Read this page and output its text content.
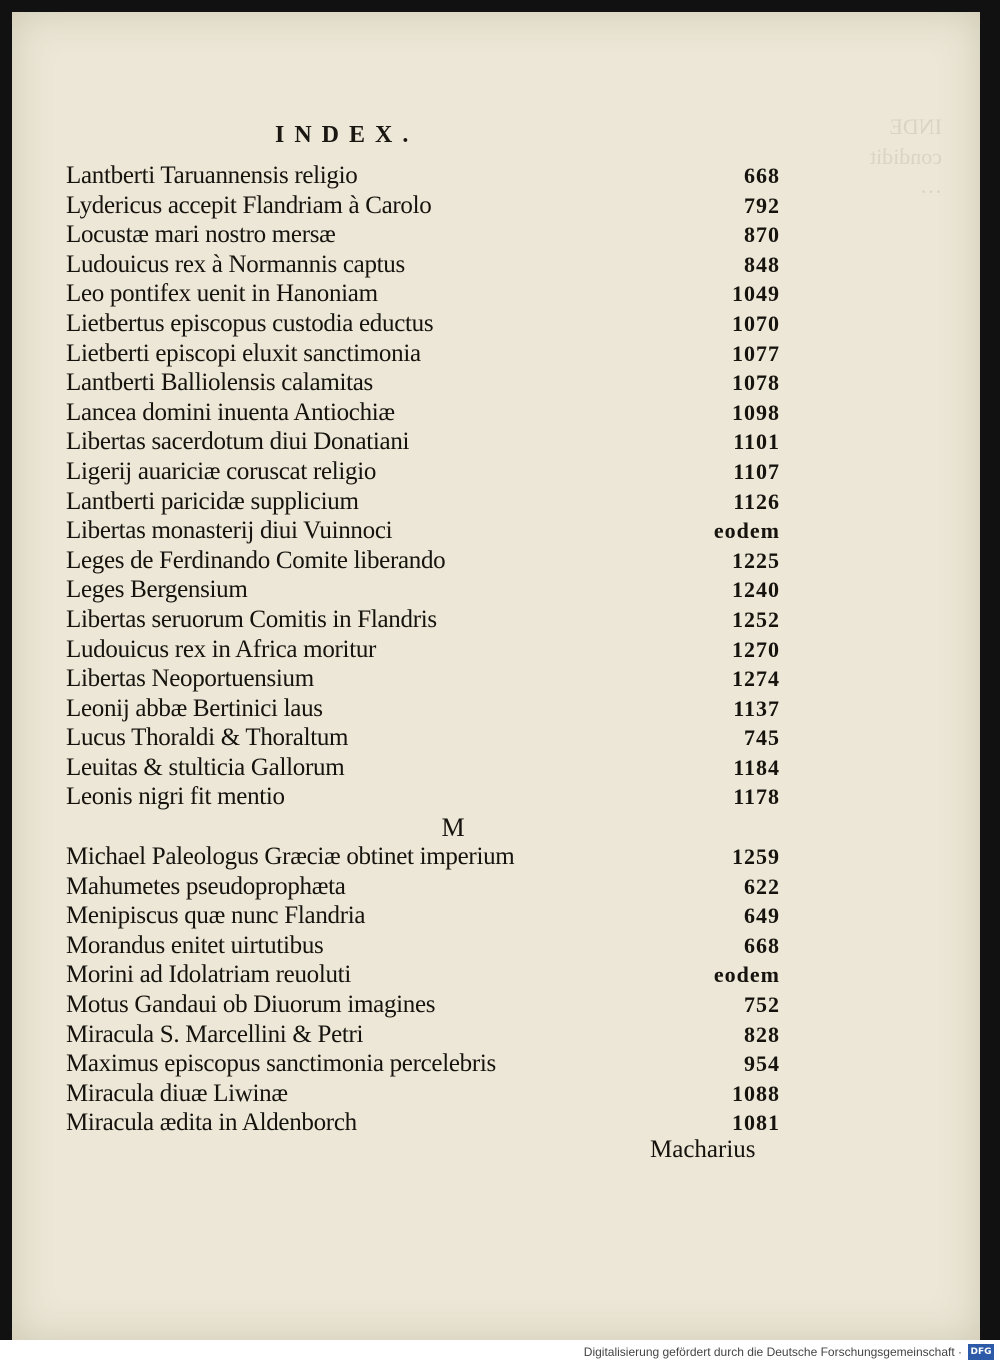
INDE
condidit
…

INDEX.
Lantberti Taruannensis religio	668
Lydericus accepit Flandriam à Carolo	792
Locustæ mari nostro mersæ	870
Ludouicus rex à Normannis captus	848
Leo pontifex uenit in Hanoniam	1049
Lietbertus episcopus custodia eductus	1070
Lietberti episcopi eluxit sanctimonia	1077
Lantberti Balliolensis calamitas	1078
Lancea domini inuenta Antiochiæ	1098
Libertas sacerdotum diui Donatiani	1101
Ligerij auariciæ coruscat religio	1107
Lantberti paricidæ supplicium	1126
Libertas monasterij diui Vuinnoci	eodem
Leges de Ferdinando Comite liberando	1225
Leges Bergensium	1240
Libertas seruorum Comitis in Flandris	1252
Ludouicus rex in Africa moritur	1270
Libertas Neoportuensium	1274
Leonij abbæ Bertinici laus	1137
Lucus Thoraldi & Thoraltum	745
Leuitas & stulticia Gallorum	1184
Leonis nigri fit mentio	1178
M
Michael Paleologus Græciæ obtinet imperium	1259
Mahumetes pseudoprophæta	622
Menipiscus quæ nunc Flandria	649
Morandus enitet uirtutibus	668
Morini ad Idolatriam reuoluti	eodem
Motus Gandaui ob Diuorum imagines	752
Miracula S. Marcellini & Petri	828
Maximus episcopus sanctimonia percelebris	954
Miracula diuæ Liwinæ	1088
Miracula ædita in Aldenborch	1081
Macharius
Digitalisierung gefördert durch die Deutsche Forschungsgemeinschaft · DFG
